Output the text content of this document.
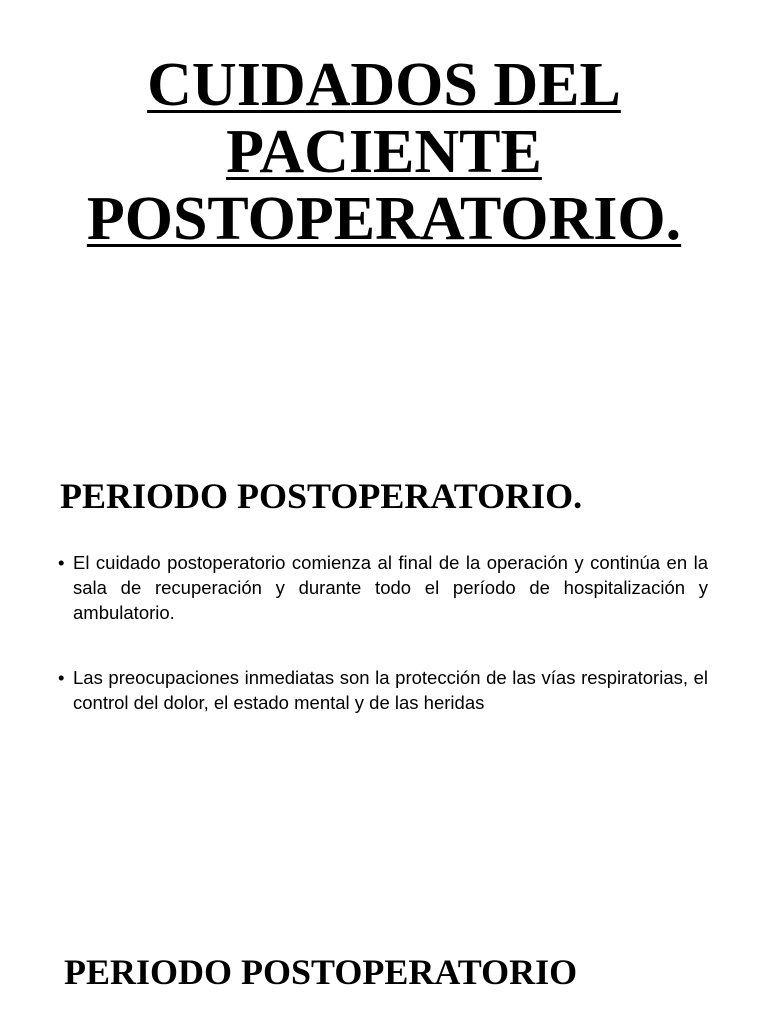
CUIDADOS DEL
PACIENTE
POSTOPERATORIO.
PERIODO POSTOPERATORIO.
• El cuidado postoperatorio comienza al final de la operación y continúa en la sala de recuperación y durante todo el período de hospitalización y ambulatorio.
• Las preocupaciones inmediatas son la protección de las vías respiratorias, el control del dolor, el estado mental y de las heridas
PERIODO POSTOPERATORIO
